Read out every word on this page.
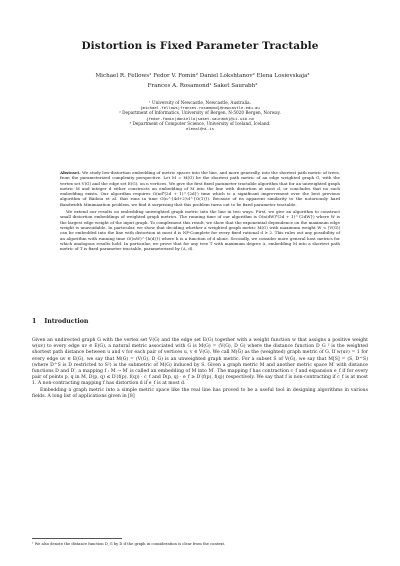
Distortion is Fixed Parameter Tractable
Michael R. Fellows¹ Fedor V. Fomin² Daniel Lokshtanov² Elena Losievskaja³
Frances A. Rosamond¹ Saket Saurabh²
¹ University of Newcastle, Newcastle, Australia.
{michael.fellows|frances.rosamond}@newcastle.edu.au
² Department of Informatics, University of Bergen, N-5020 Bergen, Norway.
{fedor.fomin|daniello|saket.saurabh}@ii.uib.no
³ Department of Computer Science, University of Iceland, Iceland.
elenal@hi.is

Abstract. We study low-distortion embedding of metric spaces into the line, and more generally, into the shortest path metric of trees, from the parameterized complexity perspective. Let M = M(G) be the shortest path metric of an edge weighted graph G, with the vertex set V(G) and the edge set E(G), on n vertices. We give the first fixed parameter tractable algorithm that for an unweighted graph metric M and integer d either constructs an embedding of M into the line with distortion at most d, or concludes that no such embedding exists. Our algorithm requires O(nd⁴(2d + 1)^{2d}) time which is a significant improvement over the best previous algorithm of Bădoiu et al. that runs in time O(n^{4d+2}d^{O(1)}). Because of its apparent similarity to the notoriously hard Bandwidth Minimization problem, we find it surprising that this problem turns out to be fixed parameter tractable.

We extend our results on embedding unweighted graph metric into the line in two ways. First, we give an algorithm to construct small distortion embeddings of weighted graph metrics. The running time of our algorithm is O(n(dW)⁴(2d + 1)^{2dW}) where W is the largest edge weight of the input graph. To complement this result, we show that the exponential dependence on the maximum edge weight is unavoidable. In particular, we show that deciding whether a weighted graph metric M(G) with maximum weight W < |V(G)| can be embedded into the line with distortion at most d is NP-Complete for every fixed rational d ≥ 2. This rules out any possibility of an algorithm with running time O((nW)^{h(d)}) where h is a function of d alone. Secondly, we consider more general host metrics for which analogous results hold. In particular, we prove that for any tree T with maximum degree Δ, embedding M into a shortest path metric of T is fixed parameter tractable, parameterized by (Δ, d).

1 Introduction

Given an undirected graph G with the vertex set V(G) and the edge set E(G) together with a weight function w that assigns a positive weight w(uv) to every edge uv ∈ E(G), a natural metric associated with G is M(G) = (V(G), D_G) where the distance function D_G ¹ is the weighted shortest path distance between u and v for each pair of vertices u, v ∈ V(G). We call M(G) as the (weighted) graph metric of G. If w(uv) = 1 for every edge uv ∈ E(G), we say that M(G) = (V(G), D_G) is an unweighted graph metric. For a subset S of V(G), we say that M[S] = (S, D^S) (where D^S is D restricted to S²) is the submetric of M(G) induced by S. Given a graph metric M and another metric space M′ with distance functions D and D′, a mapping f : M → M′ is called an embedding of M into M′. The mapping f has contraction c_f and expansion e_f if for every pair of points p, q in M, D(p, q) ≤ D′(f(p), f(q)) · c_f and D(p, q) · e_f ≥ D′(f(p), f(q)) respectively. We say that f is non-contracting if c_f is at most 1. A non-contracting mapping f has distortion d if e_f is at most d.

Embedding a graph metric into a simple metric space like the real line has proved to be a useful tool in designing algorithms in various fields. A long list of applications given in [8]

¹ We also denote the distance function D_G by D if the graph in consideration is clear from the context.
